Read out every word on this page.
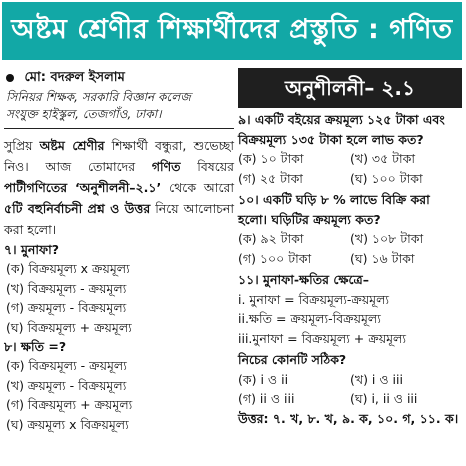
অষ্টম শ্রেণীর শিক্ষার্থীদের প্রস্তুতি : গণিত
মো: বদরুল ইসলাম
সিনিয়র শিক্ষক, সরকারি বিজ্ঞান কলেজ
সংযুক্ত হাইস্কুল, তেজগাঁও, ঢাকা।
সুপ্রিয় অষ্টম শ্রেণীর শিক্ষার্থী বন্ধুরা, শুভেচ্ছা নিও। আজ তোমাদের গণিত বিষয়ের পাটীগণিতের ‘অনুশীলনী–২.১’ থেকে আরো ৫টি বহুনির্বাচনী প্রশ্ন ও উত্তর নিয়ে আলোচনা করা হলো।
৭। মুনাফা?
(ক) বিক্রয়মূল্য x ক্রয়মূল্য
(খ) বিক্রয়মূল্য - ক্রয়মূল্য
(গ) ক্রয়মূল্য - বিক্রয়মূল্য
(ঘ) বিক্রয়মূল্য + ক্রয়মূল্য
৮। ক্ষতি =?
(ক) বিক্রয়মূল্য - ক্রয়মূল্য
(খ) ক্রয়মূল্য - বিক্রয়মূল্য
(গ) বিক্রয়মূল্য + ক্রয়মূল্য
(ঘ) ক্রয়মূল্য x বিক্রয়মূল্য
অনুশীলনী– ২.১
৯। একটি বইয়ের ক্রয়মূল্য ১২৫ টাকা এবং বিক্রয়মূল্য ১৩৫ টাকা হলে লাভ কত?
(ক) ১০ টাকা	(খ) ৩৫ টাকা
(গ) ২৫ টাকা	(ঘ) ১০০ টাকা
১০। একটি ঘড়ি ৮ % লাভে বিক্রি করা হলো। ঘড়িটির ক্রয়মূল্য কত?
(ক) ৯২ টাকা	(খ) ১০৮ টাকা
(গ) ১০০ টাকা	(ঘ) ১৬ টাকা
১১। মুনাফা-ক্ষতির ক্ষেত্রে–
i. মুনাফা = বিক্রয়মূল্য-ক্রয়মূল্য
ii.ক্ষতি = ক্রয়মূল্য-বিক্রয়মূল্য
iii.মুনাফা = বিক্রয়মূল্য + ক্রয়মূল্য
নিচের কোনটি সঠিক?
(ক) i ও ii	(খ) i ও iii
(গ) ii ও iii	(ঘ) i, ii ও iii
উত্তর: ৭. খ, ৮. খ, ৯. ক, ১০. গ, ১১. ক।
